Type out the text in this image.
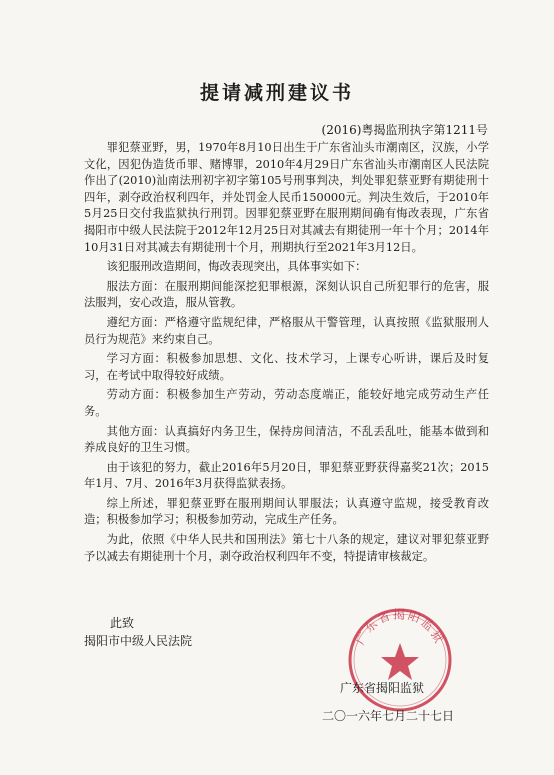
提请减刑建议书
(2016)粤揭监刑执字第1211号

罪犯蔡亚野，男，1970年8月10日出生于广东省汕头市潮南区，汉族，小学文化，因犯伪造货币罪、赌博罪，2010年4月29日广东省汕头市潮南区人民法院作出了(2010)汕南法刑初字初字第105号刑事判决，判处罪犯蔡亚野有期徒刑十四年，剥夺政治权利四年，并处罚金人民币150000元。判决生效后，于2010年5月25日交付我监狱执行刑罚。因罪犯蔡亚野在服刑期间确有悔改表现，广东省揭阳市中级人民法院于2012年12月25日对其减去有期徒刑一年十个月；2014年10月31日对其减去有期徒刑十个月，刑期执行至2021年3月12日。

该犯服刑改造期间，悔改表现突出，具体事实如下：

服法方面：在服刑期间能深挖犯罪根源，深刻认识自己所犯罪行的危害，服法服判，安心改造，服从管教。

遵纪方面：严格遵守监规纪律，严格服从干警管理，认真按照《监狱服刑人员行为规范》来约束自己。

学习方面：积极参加思想、文化、技术学习，上课专心听讲，课后及时复习，在考试中取得较好成绩。

劳动方面：积极参加生产劳动，劳动态度端正，能较好地完成劳动生产任务。

其他方面：认真搞好内务卫生，保持房间清洁，不乱丢乱吐，能基本做到和养成良好的卫生习惯。

由于该犯的努力，截止2016年5月20日，罪犯蔡亚野获得嘉奖21次；2015年1月、7月、2016年3月获得监狱表扬。

综上所述，罪犯蔡亚野在服刑期间认罪服法；认真遵守监规，接受教育改造；积极参加学习；积极参加劳动，完成生产任务。

为此，依照《中华人民共和国刑法》第七十八条的规定，建议对罪犯蔡亚野予以减去有期徒刑十个月，剥夺政治权利四年不变，特提请审核裁定。

此致
揭阳市中级人民法院	广东省揭阳监狱
广东省揭阳监狱
二〇一六年七月二十七日
